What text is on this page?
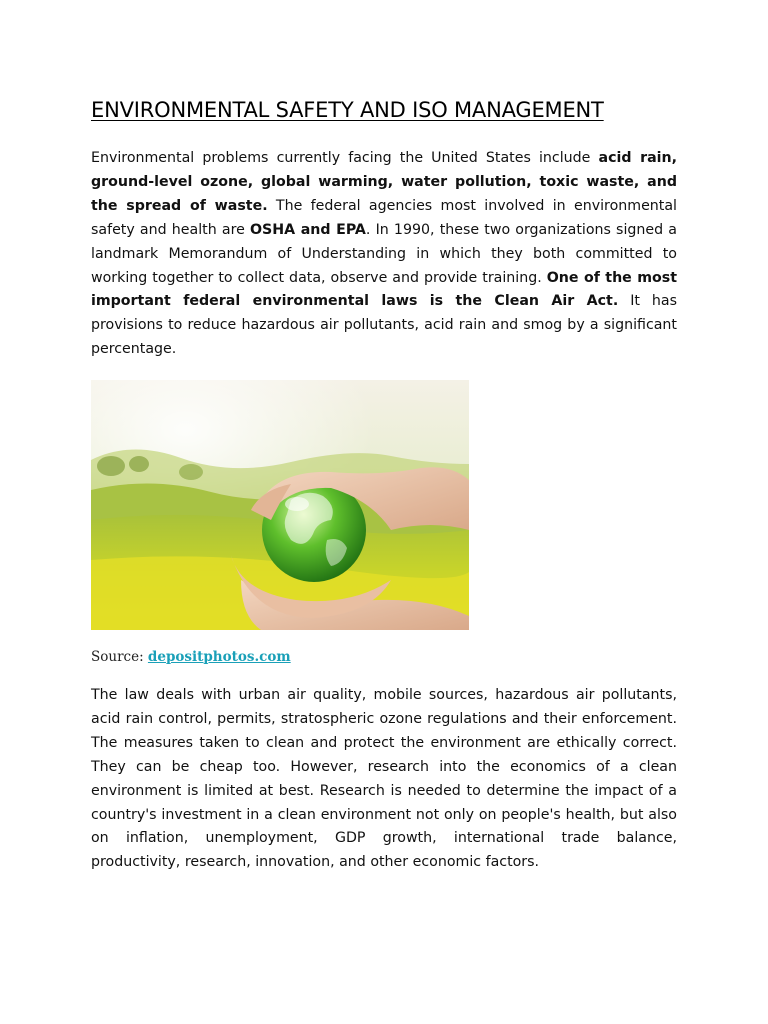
ENVIRONMENTAL SAFETY AND ISO MANAGEMENT

Environmental problems currently facing the United States include acid rain, ground-level ozone, global warming, water pollution, toxic waste, and the spread of waste. The federal agencies most involved in environmental safety and health are OSHA and EPA. In 1990, these two organizations signed a landmark Memorandum of Understanding in which they both committed to working together to collect data, observe and provide training. One of the most important federal environmental laws is the Clean Air Act. It has provisions to reduce hazardous air pollutants, acid rain and smog by a significant percentage.

Source: depositphotos.com

The law deals with urban air quality, mobile sources, hazardous air pollutants, acid rain control, permits, stratospheric ozone regulations and their enforcement. The measures taken to clean and protect the environment are ethically correct. They can be cheap too. However, research into the economics of a clean environment is limited at best. Research is needed to determine the impact of a country's investment in a clean environment not only on people's health, but also on inflation, unemployment, GDP growth, international trade balance, productivity, research, innovation, and other economic factors.
